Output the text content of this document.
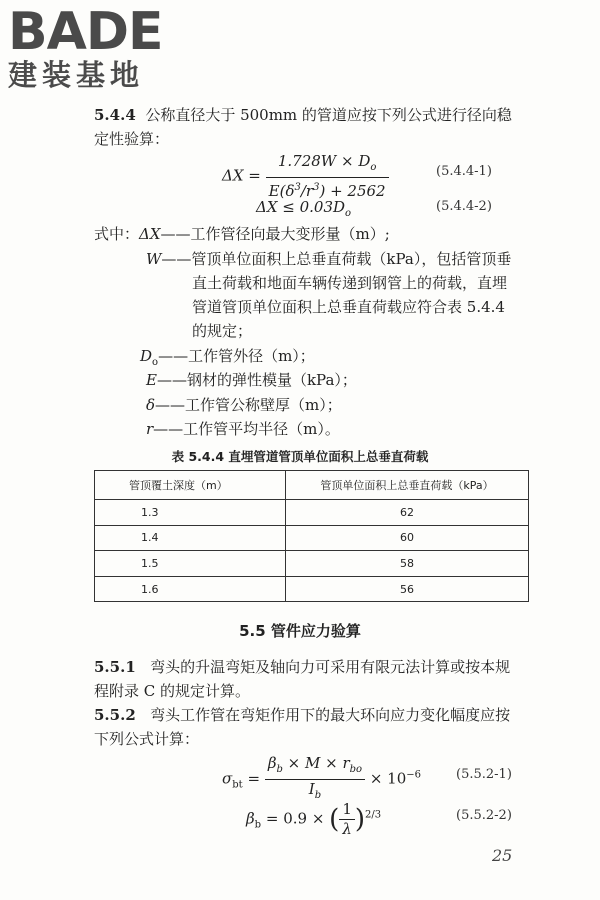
BADE
建装基地
5.4.4 公称直径大于 500mm 的管道应按下列公式进行径向稳
定性验算：
$\Delta X = \frac{1.728W \times D_o}{E(\delta^3/r^3) + 2562}$	(5.4.4-1)
$\Delta X \le 0.03D_o$	(5.4.4-2)
式中：ΔX——工作管径向最大变形量（m）;
W——管顶单位面积上总垂直荷载（kPa），包括管顶垂
直土荷载和地面车辆传递到钢管上的荷载，直埋
管道管顶单位面积上总垂直荷载应符合表 5.4.4
的规定；
$D_o——$工作管外径（m）；
E——钢材的弹性模量（kPa）；
δ——工作管公称壁厚（m）；
r——工作管平均半径（m）。
表 5.4.4 直埋管道管顶单位面积上总垂直荷载
管顶覆土深度（m）	管顶单位面积上总垂直荷载（kPa）
1.3	62
1.4	60
1.5	58
1.6	56
5.5 管件应力验算
5.5.1 弯头的升温弯矩及轴向力可采用有限元法计算或按本规
程附录 C 的规定计算。
5.5.2 弯头工作管在弯矩作用下的最大环向应力变化幅度应按
下列公式计算：
$\sigma_{bt} = \frac{\beta_b \times M \times r_{bo}}{I_b} \times 10^{-6}$	(5.5.2-1)
$\beta_b = 0.9$ × ( $\frac{1}{\lambda} )^{2/3}$	(5.5.2-2)
25
